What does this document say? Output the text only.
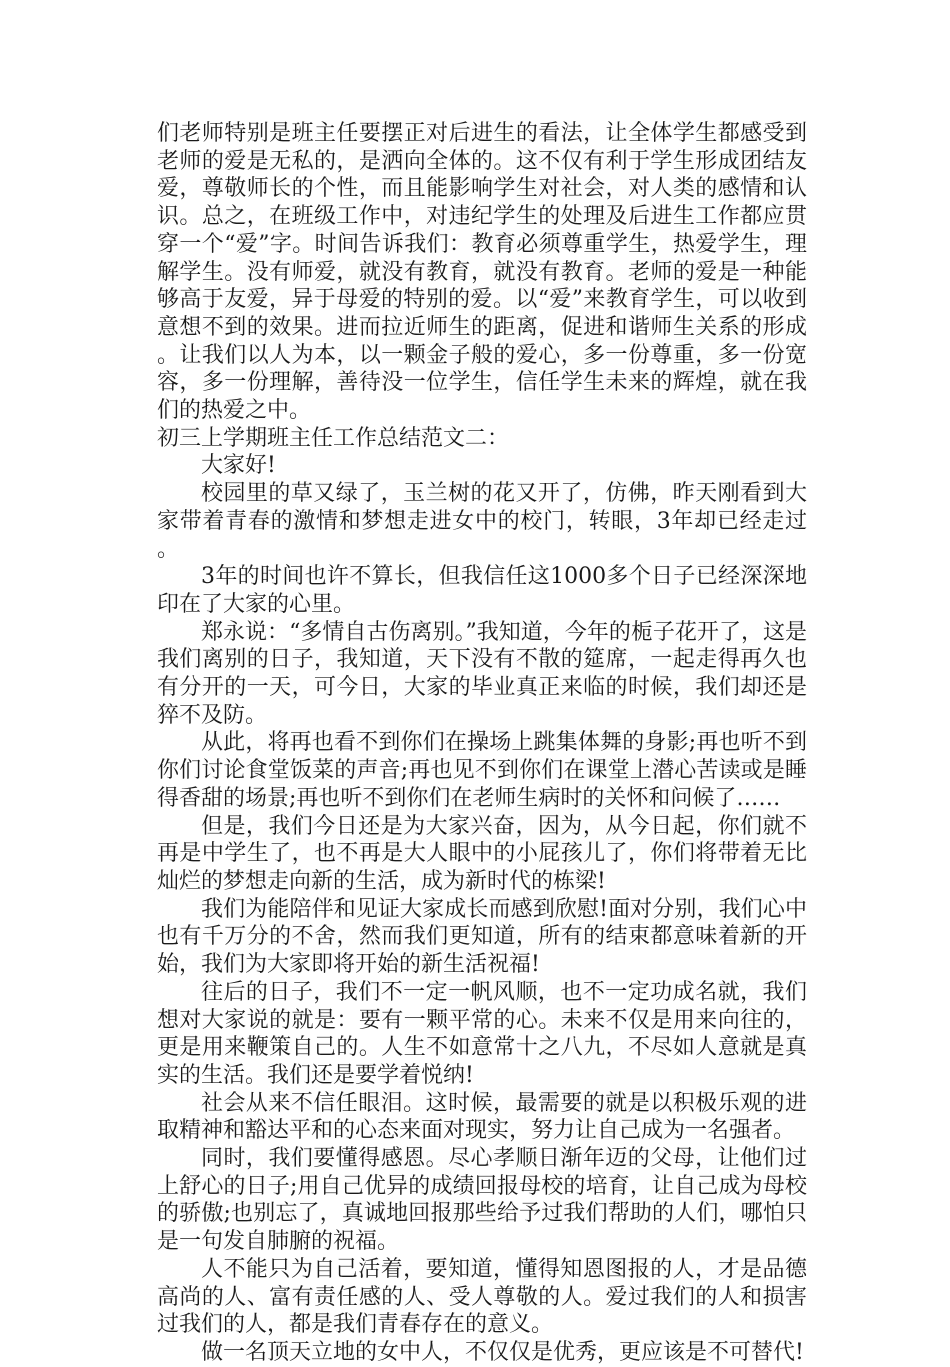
们老师特别是班主任要摆正对后进生的看法，让全体学生都感受到老师的爱是无私的，是洒向全体的。这不仅有利于学生形成团结友爱，尊敬师长的个性，而且能影响学生对社会，对人类的感情和认识。总之，在班级工作中，对违纪学生的处理及后进生工作都应贯穿一个“爱”字。时间告诉我们：教育必须尊重学生，热爱学生，理解学生。没有师爱，就没有教育，就没有教育。老师的爱是一种能够高于友爱，异于母爱的特别的爱。以“爱”来教育学生，可以收到意想不到的效果。进而拉近师生的距离，促进和谐师生关系的形成。让我们以人为本，以一颗金子般的爱心，多一份尊重，多一份宽容，多一份理解，善待没一位学生，信任学生未来的辉煌，就在我们的热爱之中。

初三上学期班主任工作总结范文二：

大家好!

校园里的草又绿了，玉兰树的花又开了，仿佛，昨天刚看到大家带着青春的激情和梦想走进女中的校门，转眼，3年却已经走过。

3年的时间也许不算长，但我信任这1000多个日子已经深深地印在了大家的心里。

郑永说：“多情自古伤离别。”我知道，今年的栀子花开了，这是我们离别的日子，我知道，天下没有不散的筵席，一起走得再久也有分开的一天，可今日，大家的毕业真正来临的时候，我们却还是猝不及防。

从此，将再也看不到你们在操场上跳集体舞的身影;再也听不到你们讨论食堂饭菜的声音;再也见不到你们在课堂上潜心苦读或是睡得香甜的场景;再也听不到你们在老师生病时的关怀和问候了……

但是，我们今日还是为大家兴奋，因为，从今日起，你们就不再是中学生了，也不再是大人眼中的小屁孩儿了，你们将带着无比灿烂的梦想走向新的生活，成为新时代的栋梁!

我们为能陪伴和见证大家成长而感到欣慰!面对分别，我们心中也有千万分的不舍，然而我们更知道，所有的结束都意味着新的开始，我们为大家即将开始的新生活祝福!

往后的日子，我们不一定一帆风顺，也不一定功成名就，我们想对大家说的就是：要有一颗平常的心。未来不仅是用来向往的，更是用来鞭策自己的。人生不如意常十之八九，不尽如人意就是真实的生活。我们还是要学着悦纳!

社会从来不信任眼泪。这时候，最需要的就是以积极乐观的进取精神和豁达平和的心态来面对现实，努力让自己成为一名强者。

同时，我们要懂得感恩。尽心孝顺日渐年迈的父母，让他们过上舒心的日子;用自己优异的成绩回报母校的培育，让自己成为母校的骄傲;也别忘了，真诚地回报那些给予过我们帮助的人们，哪怕只是一句发自肺腑的祝福。

人不能只为自己活着，要知道，懂得知恩图报的人，才是品德高尚的人、富有责任感的人、受人尊敬的人。爱过我们的人和损害过我们的人，都是我们青春存在的意义。

做一名顶天立地的女中人，不仅仅是优秀，更应该是不可替代!
